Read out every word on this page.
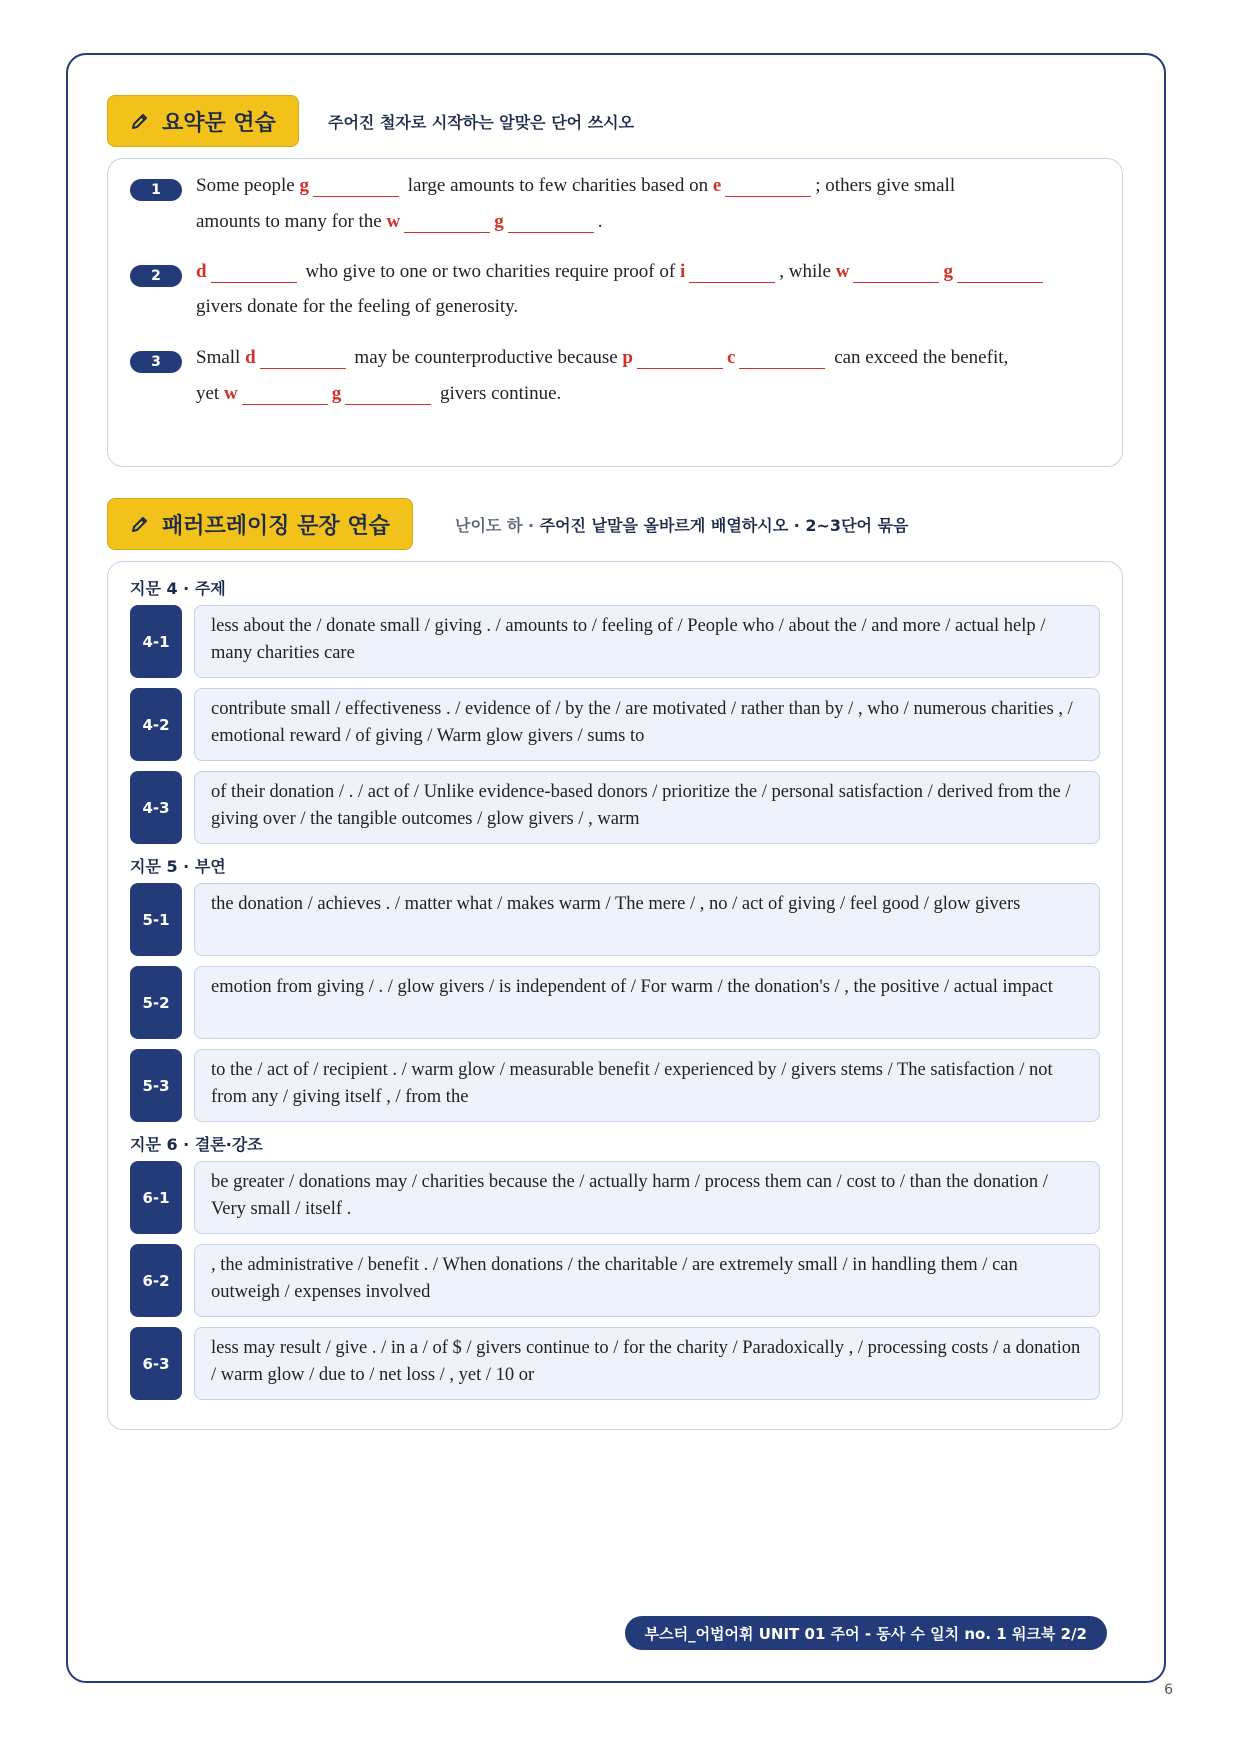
요약문 연습	주어진 철자로 시작하는 알맞은 단어 쓰시오
1	Some people g	large amounts to few charities based on e	; others give small
amounts to many for the w	g	.
2	d	who give to one or two charities require proof of i	, while w	g
givers donate for the feeling of generosity.
3	Small d	may be counterproductive because p	c	can exceed the benefit,
yet w	g	givers continue.
패러프레이징 문장 연습	난이도 하 · 주어진 낱말을 올바르게 배열하시오 · 2~3단어 묶음
지문 4 · 주제
4-1
less about the / donate small / giving . / amounts to / feeling of / People who / about the / and more / actual help / many charities care
4-2
contribute small / effectiveness . / evidence of / by the / are motivated / rather than by / , who / numerous charities , / emotional reward / of giving / Warm glow givers / sums to
4-3
of their donation / . / act of / Unlike evidence-based donors / prioritize the / personal satisfaction / derived from the / giving over / the tangible outcomes / glow givers / , warm
지문 5 · 부연
5-1
the donation / achieves . / matter what / makes warm / The mere / , no / act of giving / feel good / glow givers
5-2
emotion from giving / . / glow givers / is independent of / For warm / the donation's / , the positive / actual impact
5-3
to the / act of / recipient . / warm glow / measurable benefit / experienced by / givers stems / The satisfaction / not from any / giving itself , / from the
지문 6 · 결론·강조
6-1
be greater / donations may / charities because the / actually harm / process them can / cost to / than the donation / Very small / itself .
6-2
, the administrative / benefit . / When donations / the charitable / are extremely small / in handling them / can outweigh / expenses involved
6-3
less may result / give . / in a / of $ / givers continue to / for the charity / Paradoxically , / processing costs / a donation / warm glow / due to / net loss / , yet / 10 or
부스터_어법어휘 UNIT 01 주어 - 동사 수 일치 no. 1 워크북 2/2
6
